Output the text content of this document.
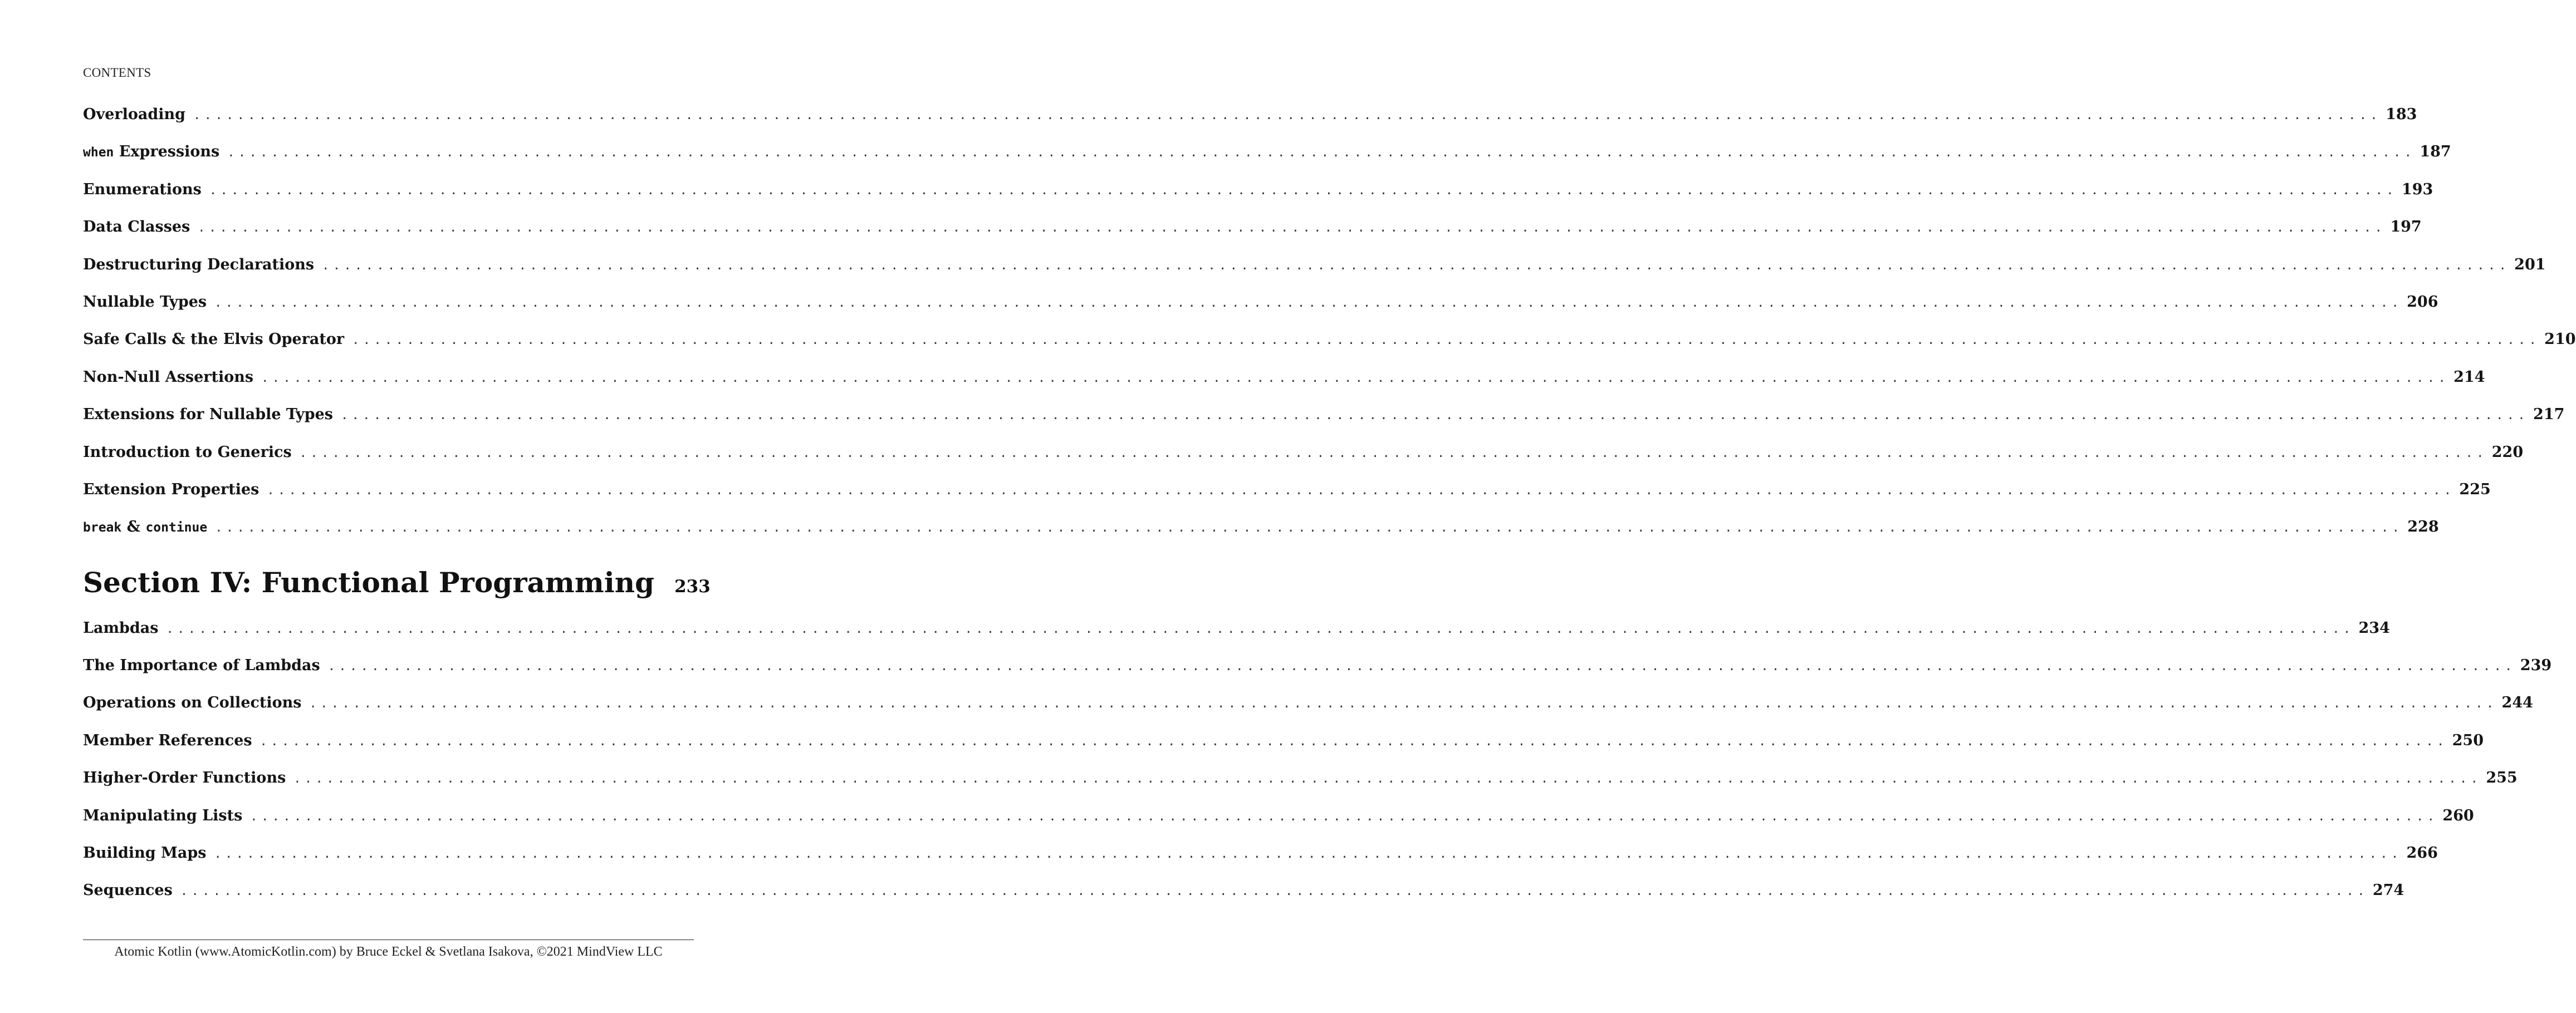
CONTENTS
Overloading ........................................................................................................................................................................................................ 183
when Expressions ........................................................................................................................................................................................................ 187
Enumerations ........................................................................................................................................................................................................ 193
Data Classes ........................................................................................................................................................................................................ 197
Destructuring Declarations ........................................................................................................................................................................................................ 201
Nullable Types ........................................................................................................................................................................................................ 206
Safe Calls & the Elvis Operator ........................................................................................................................................................................................................ 210
Non-Null Assertions ........................................................................................................................................................................................................ 214
Extensions for Nullable Types ........................................................................................................................................................................................................ 217
Introduction to Generics ........................................................................................................................................................................................................ 220
Extension Properties ........................................................................................................................................................................................................ 225
break & continue ........................................................................................................................................................................................................ 228
Section IV: Functional Programming	233
Lambdas ........................................................................................................................................................................................................ 234
The Importance of Lambdas ........................................................................................................................................................................................................ 239
Operations on Collections ........................................................................................................................................................................................................ 244
Member References ........................................................................................................................................................................................................ 250
Higher-Order Functions ........................................................................................................................................................................................................ 255
Manipulating Lists ........................................................................................................................................................................................................ 260
Building Maps ........................................................................................................................................................................................................ 266
Sequences ........................................................................................................................................................................................................ 274
Atomic Kotlin (www.AtomicKotlin.com) by Bruce Eckel & Svetlana Isakova, ©2021 MindView LLC
